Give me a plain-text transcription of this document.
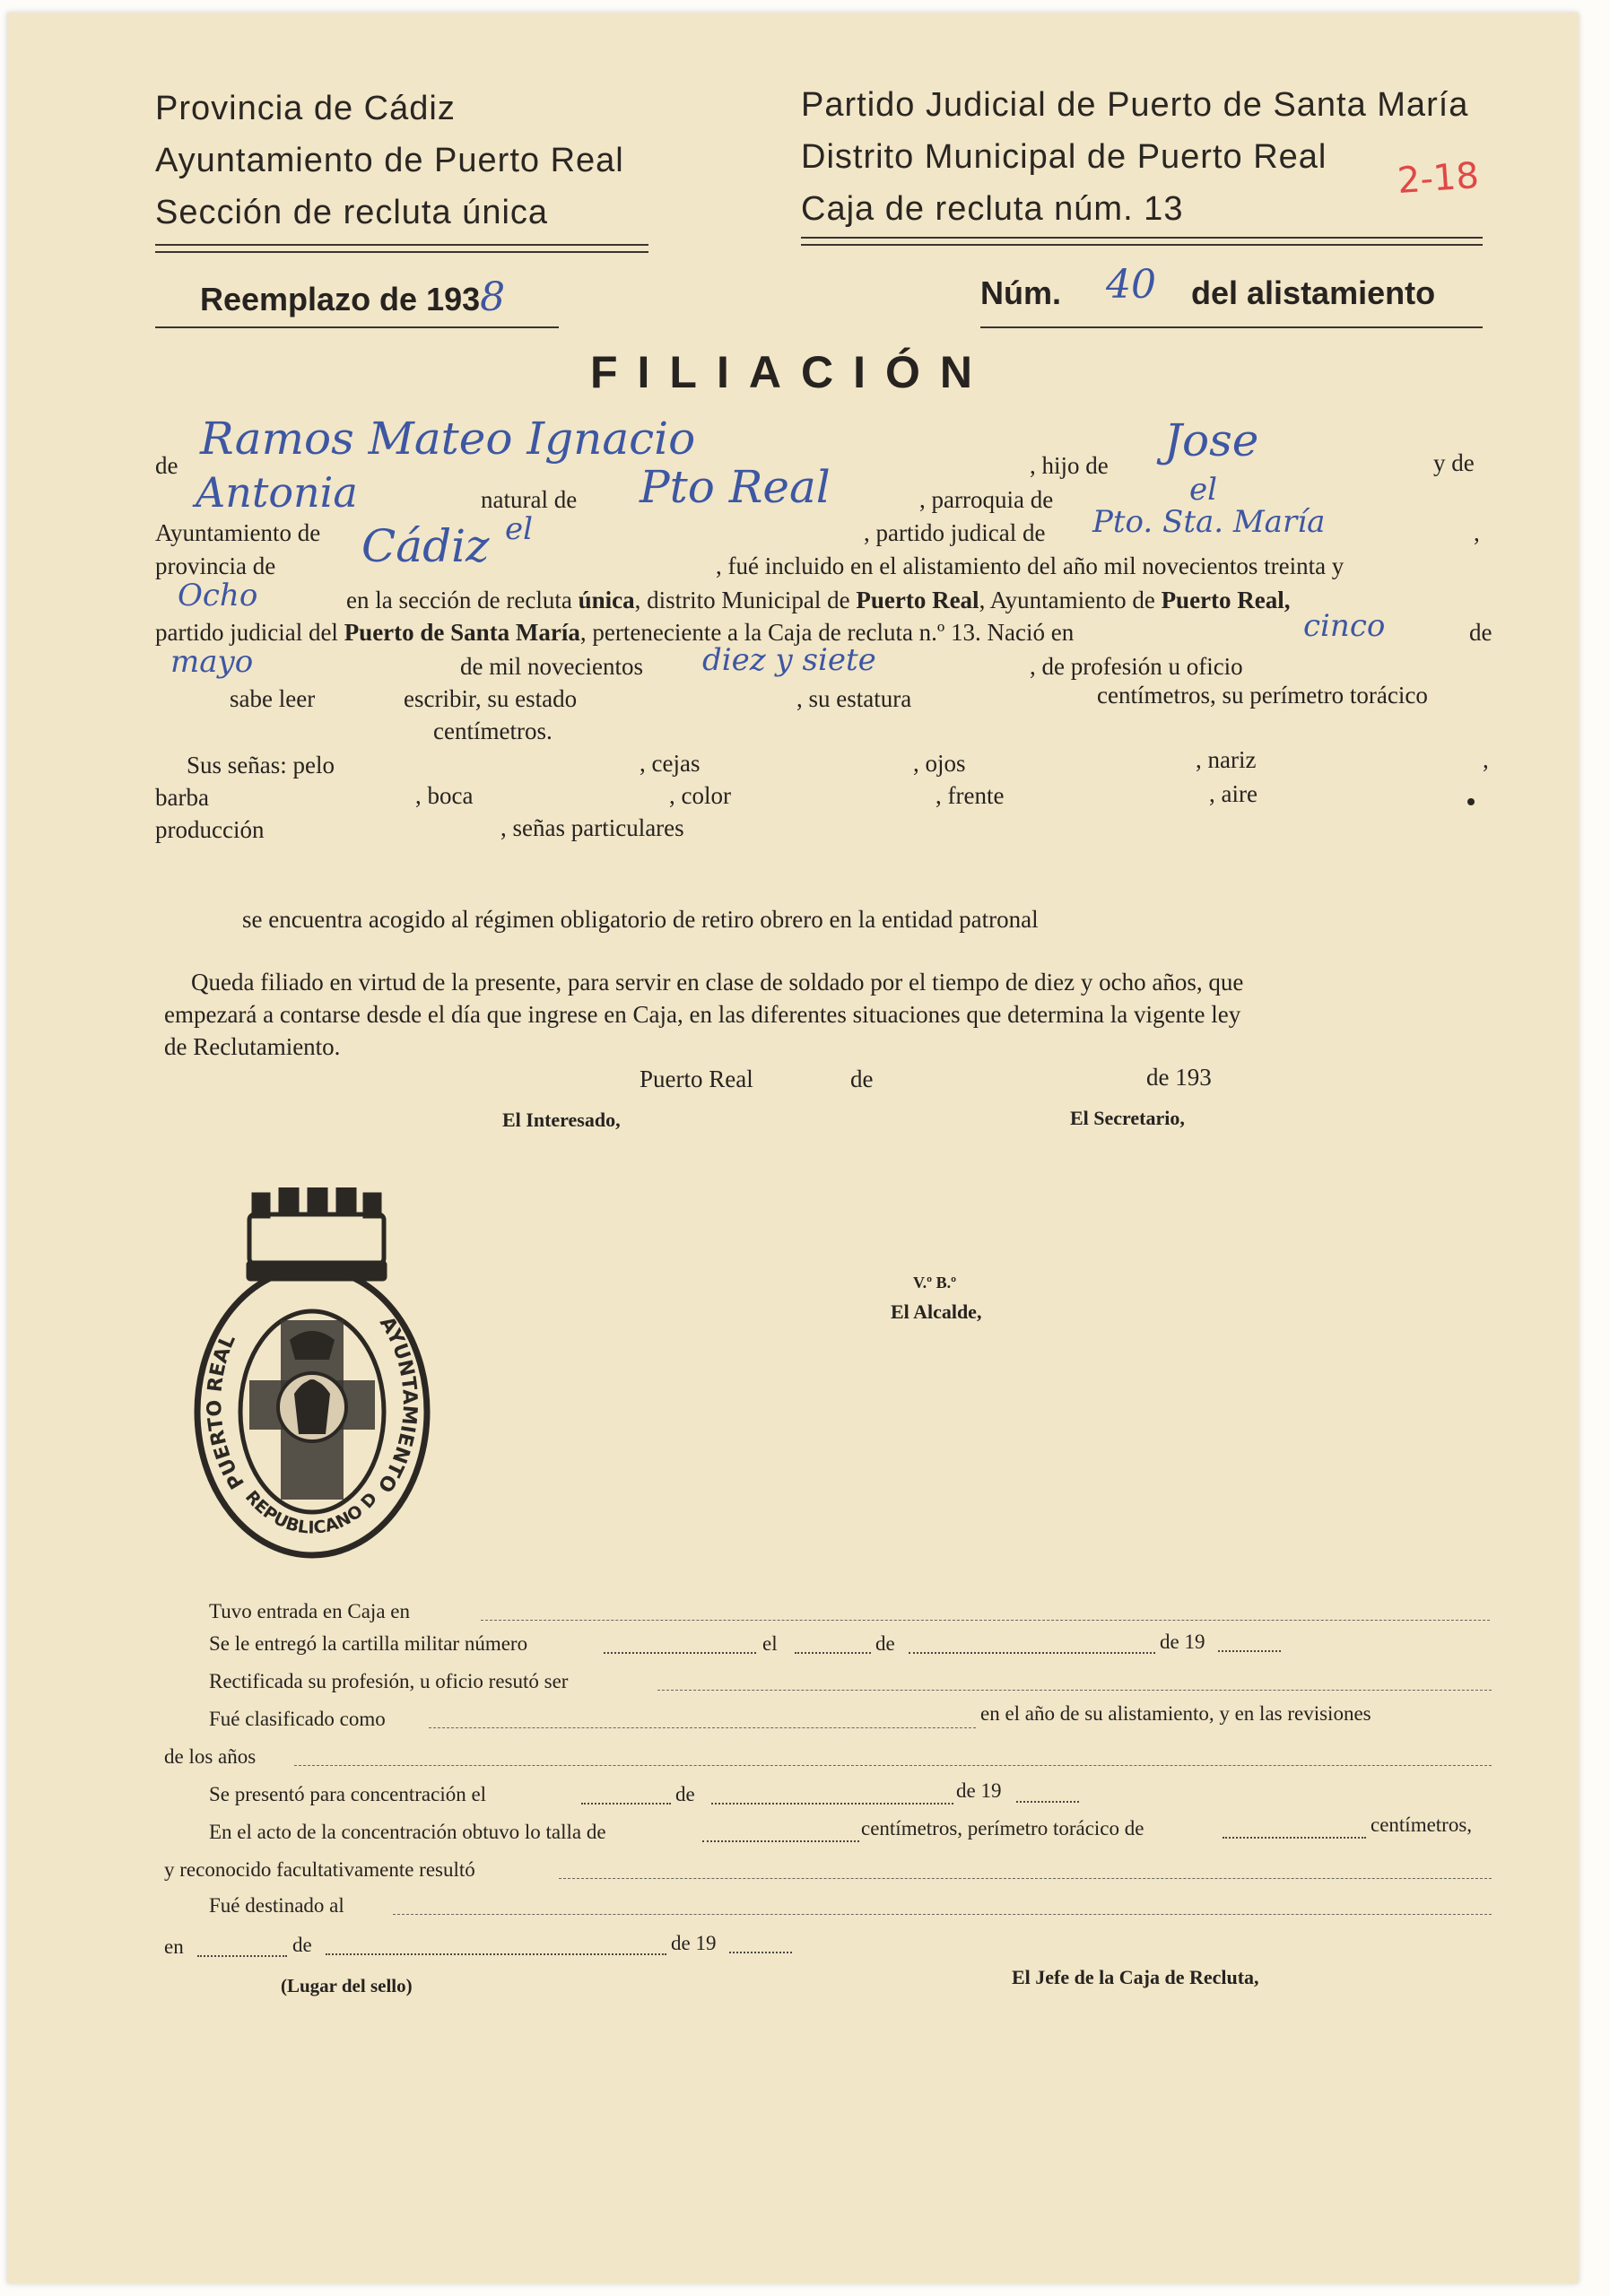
Provincia de Cádiz
Ayuntamiento de Puerto Real
Sección de recluta única
Partido Judicial de Puerto de Santa María
Distrito Municipal de Puerto Real
Caja de recluta núm. 13
2-18
Reemplazo de 1938	Núm. 40 del alistamiento
FILIACIÓN
de
Ramos Mateo Ignacio
, hijo de Jose	y de
Antonia	natural de Pto Real	, parroquia de	el
Ayuntamiento de	, partido judical de Pto. Sta. María	,
provincia de Cádiz el
, fué incluido en el alistamiento del año mil novecientos treinta y
Ocho	en la sección de recluta única, distrito Municipal de Puerto Real, Ayuntamiento de Puerto Real,
partido judicial del Puerto de Santa María, perteneciente a la Caja de recluta n.º 13. Nació en	cinco	de
mayo	de mil novecientos diez y siete	, de profesión u oficio
sabe leer	escribir, su estado	, su estatura	centímetros, su perímetro torácico
centímetros.
Sus señas: pelo	, cejas	, ojos	, nariz	,
barba	, boca	, color	, frente	, aire
producción	, señas particulares
se encuentra acogido al régimen obligatorio de retiro obrero en la entidad patronal
Queda filiado en virtud de la presente, para servir en clase de soldado por el tiempo de diez y ocho años, que
empezará a contarse desde el día que ingrese en Caja, en las diferentes situaciones que determina la vigente ley
de Reclutamiento.
Puerto Real	de	de 193
El Interesado,	El Secretario,
V.º B.º
El Alcalde,
PUERTO REAL
AYUNTAMIENTO
REPUBLICANO D
Tuvo entrada en Caja en
Se le entregó la cartilla militar número	el	de	de 19
Rectificada su profesión, u oficio resutó ser
Fué clasificado como	en el año de su alistamiento, y en las revisiones
de los años
Se presentó para concentración el	de	de 19
En el acto de la concentración obtuvo lo talla de	centímetros, perímetro torácico de	centímetros,
y reconocido facultativamente resultó
Fué destinado al
en	de	de 19
(Lugar del sello)	El Jefe de la Caja de Recluta,
